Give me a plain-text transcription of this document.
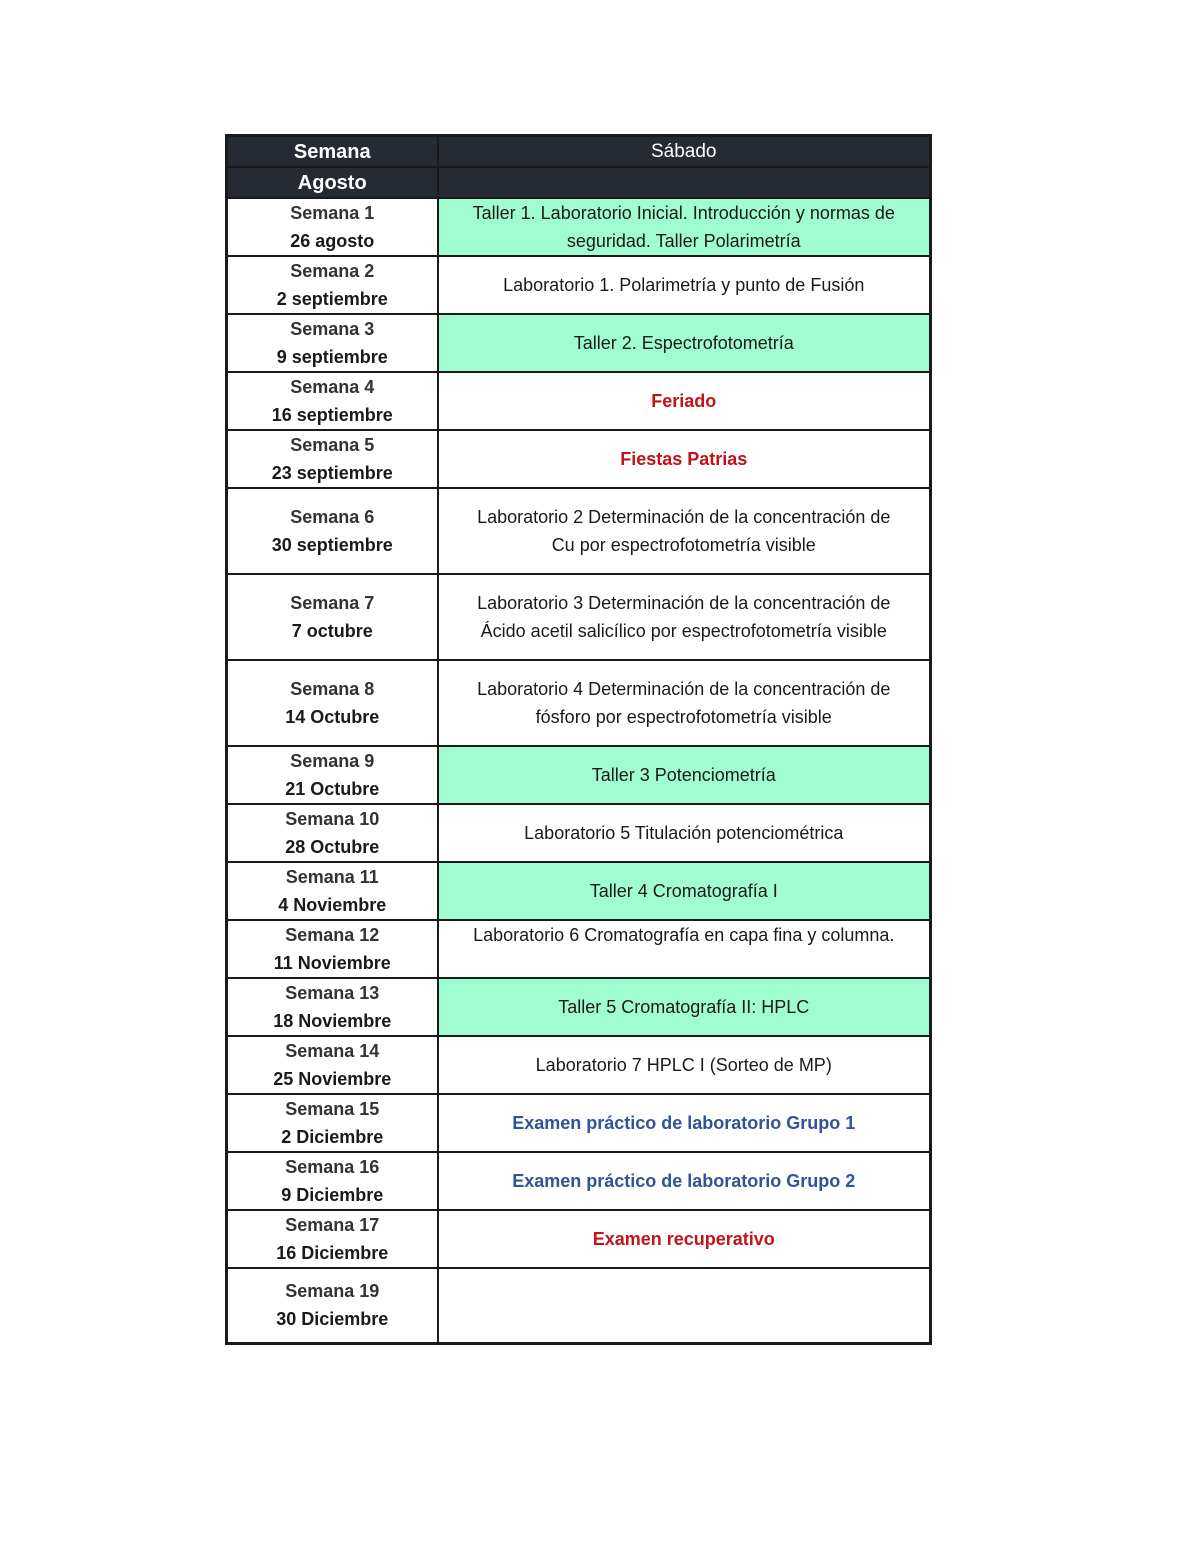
Semana	Sábado
Agosto	

Semana 1
26 agosto	Taller 1. Laboratorio Inicial. Introducción y normas de
seguridad. Taller Polarimetría

Semana 2
2 septiembre	Laboratorio 1. Polarimetría y punto de Fusión

Semana 3
9 septiembre	Taller 2. Espectrofotometría

Semana 4
16 septiembre	Feriado

Semana 5
23 septiembre	Fiestas Patrias

Semana 6
30 septiembre	Laboratorio 2 Determinación de la concentración de
Cu por espectrofotometría visible

Semana 7
7 octubre	Laboratorio 3 Determinación de la concentración de
Ácido acetil salicílico por espectrofotometría visible

Semana 8
14 Octubre	Laboratorio 4 Determinación de la concentración de
fósforo por espectrofotometría visible

Semana 9
21 Octubre	Taller 3 Potenciometría

Semana 10
28 Octubre	Laboratorio 5 Titulación potenciométrica

Semana 11
4 Noviembre	Taller 4 Cromatografía I

Semana 12
11 Noviembre	Laboratorio 6 Cromatografía en capa fina y columna.

Semana 13
18 Noviembre	Taller 5 Cromatografía II: HPLC

Semana 14
25 Noviembre	Laboratorio 7 HPLC I (Sorteo de MP)

Semana 15
2 Diciembre	Examen práctico de laboratorio Grupo 1

Semana 16
9 Diciembre	Examen práctico de laboratorio Grupo 2

Semana 17
16 Diciembre	Examen recuperativo

Semana 19
30 Diciembre	
